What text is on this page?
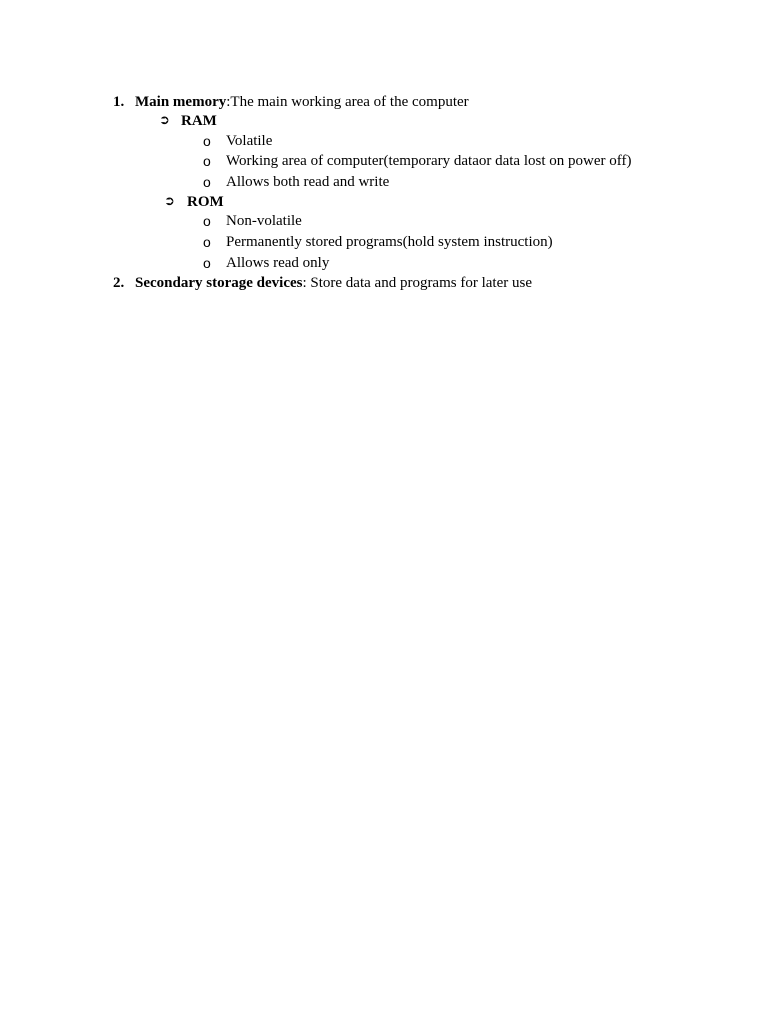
1. Main memory:The main working area of the computer
➲ RAM
o Volatile
o Working area of computer(temporary dataor data lost on power off)
o Allows both read and write
➲ ROM
o Non-volatile
o Permanently stored programs(hold system instruction)
o Allows read only
2. Secondary storage devices: Store data and programs for later use
